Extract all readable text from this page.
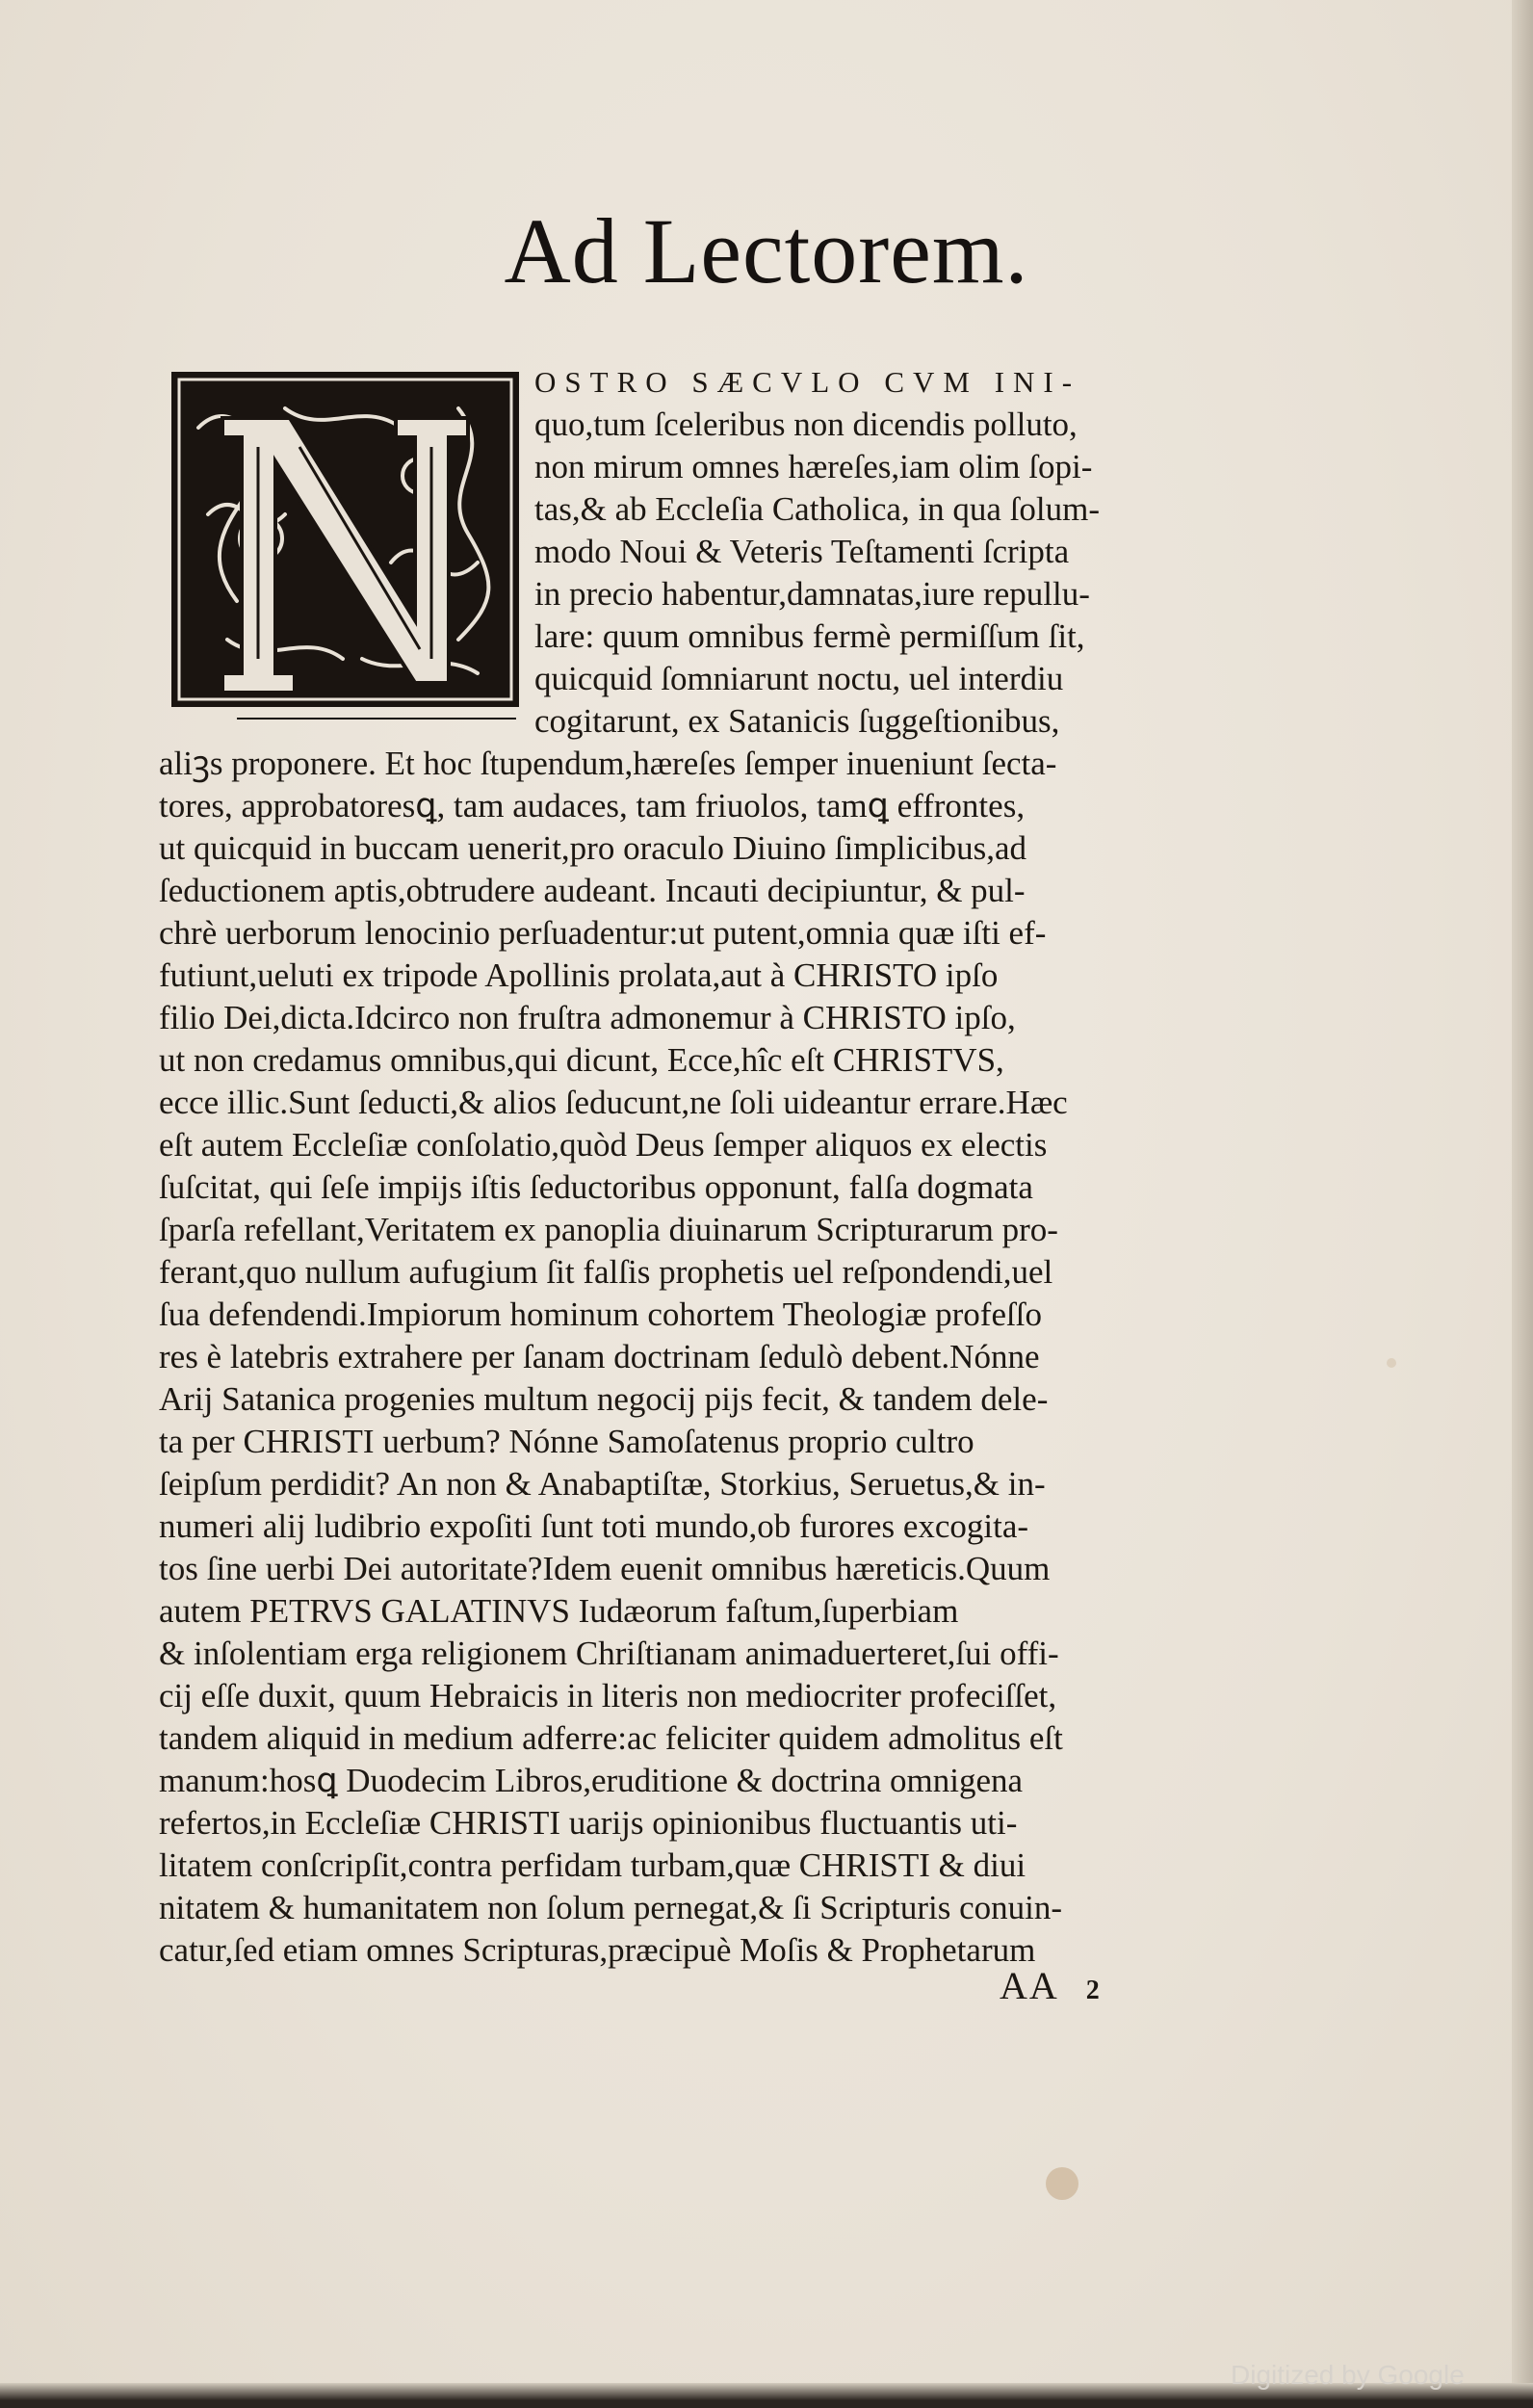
Ad Lectorem.
OSTRO SÆCVLO CVM INI-
quo,tum ſceleribus non dicendis polluto,
non mirum omnes hæreſes,iam olim ſopi-
tas,& ab Eccleſia Catholica, in qua ſolum-
modo Noui & Veteris Teſtamenti ſcripta
in precio habentur,damnatas,iure repullu-
lare: quum omnibus fermè permiſſum ſit,
quicquid ſomniarunt noctu, uel interdiu
cogitarunt, ex Satanicis ſuggeſtionibus,
aliꝫs proponere. Et hoc ſtupendum,hæreſes ſemper inueniunt ſecta-
tores, approbatoresꝗ, tam audaces, tam friuolos, tamꝗ effrontes,
ut quicquid in buccam uenerit,pro oraculo Diuino ſimplicibus,ad
ſeductionem aptis,obtrudere audeant. Incauti decipiuntur, & pul-
chrè uerborum lenocinio perſuadentur:ut putent,omnia quæ iſti ef-
futiunt,ueluti ex tripode Apollinis prolata,aut à CHRISTO ipſo
filio Dei,dicta.Idcirco non fruſtra admonemur à CHRISTO ipſo,
ut non credamus omnibus,qui dicunt, Ecce,hîc eſt CHRISTVS,
ecce illic.Sunt ſeducti,& alios ſeducunt,ne ſoli uideantur errare.Hæc
eſt autem Eccleſiæ conſolatio,quòd Deus ſemper aliquos ex electis
ſuſcitat, qui ſeſe impijs iſtis ſeductoribus opponunt, falſa dogmata
ſparſa refellant,Veritatem ex panoplia diuinarum Scripturarum pro-
ferant,quo nullum aufugium ſit falſis prophetis uel reſpondendi,uel
ſua defendendi.Impiorum hominum cohortem Theologiæ profeſſo
res è latebris extrahere per ſanam doctrinam ſedulò debent.Nónne
Arij Satanica progenies multum negocij pijs fecit, & tandem dele-
ta per CHRISTI uerbum? Nónne Samoſatenus proprio cultro
ſeipſum perdidit? An non & Anabaptiſtæ, Storkius, Seruetus,& in-
numeri alij ludibrio expoſiti ſunt toti mundo,ob furores excogita-
tos ſine uerbi Dei autoritate?Idem euenit omnibus hæreticis.Quum
autem PETRVS GALATINVS Iudæorum faſtum,ſuperbiam
& inſolentiam erga religionem Chriſtianam animaduerteret,ſui offi-
cij eſſe duxit, quum Hebraicis in literis non mediocriter profeciſſet,
tandem aliquid in medium adferre:ac feliciter quidem admolitus eſt
manum:hosꝗ Duodecim Libros,eruditione & doctrina omnigena
refertos,in Eccleſiæ CHRISTI uarijs opinionibus fluctuantis uti-
litatem conſcripſit,contra perfidam turbam,quæ CHRISTI & diui
nitatem & humanitatem non ſolum pernegat,& ſi Scripturis conuin-
catur,ſed etiam omnes Scripturas,præcipuè Moſis & Prophetarum
AA 2
Digitized by Google
